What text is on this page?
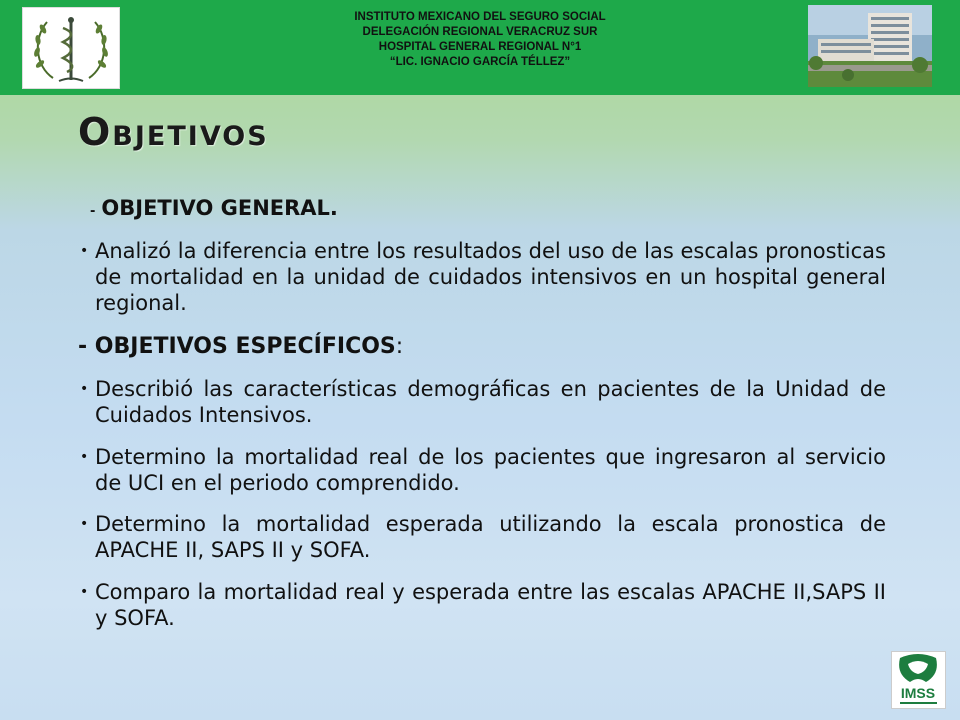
INSTITUTO MEXICANO DEL SEGURO SOCIAL
DELEGACIÓN REGIONAL VERACRUZ SUR
HOSPITAL GENERAL REGIONAL N°1
“LIC. IGNACIO GARCÍA TÉLLEZ”
Objetivos
- OBJETIVO GENERAL.
• Analizó la diferencia entre los resultados del uso de las escalas pronosticas de mortalidad en la unidad de cuidados intensivos en un hospital general regional.
- OBJETIVOS ESPECÍFICOS:
• Describió las características demográficas en pacientes de la Unidad de Cuidados Intensivos.
• Determino la mortalidad real de los pacientes que ingresaron al servicio de UCI en el periodo comprendido.
• Determino la mortalidad esperada utilizando la escala pronostica de APACHE II, SAPS II y SOFA.
• Comparo la mortalidad real y esperada entre las escalas APACHE II,SAPS II y SOFA.
IMSS
